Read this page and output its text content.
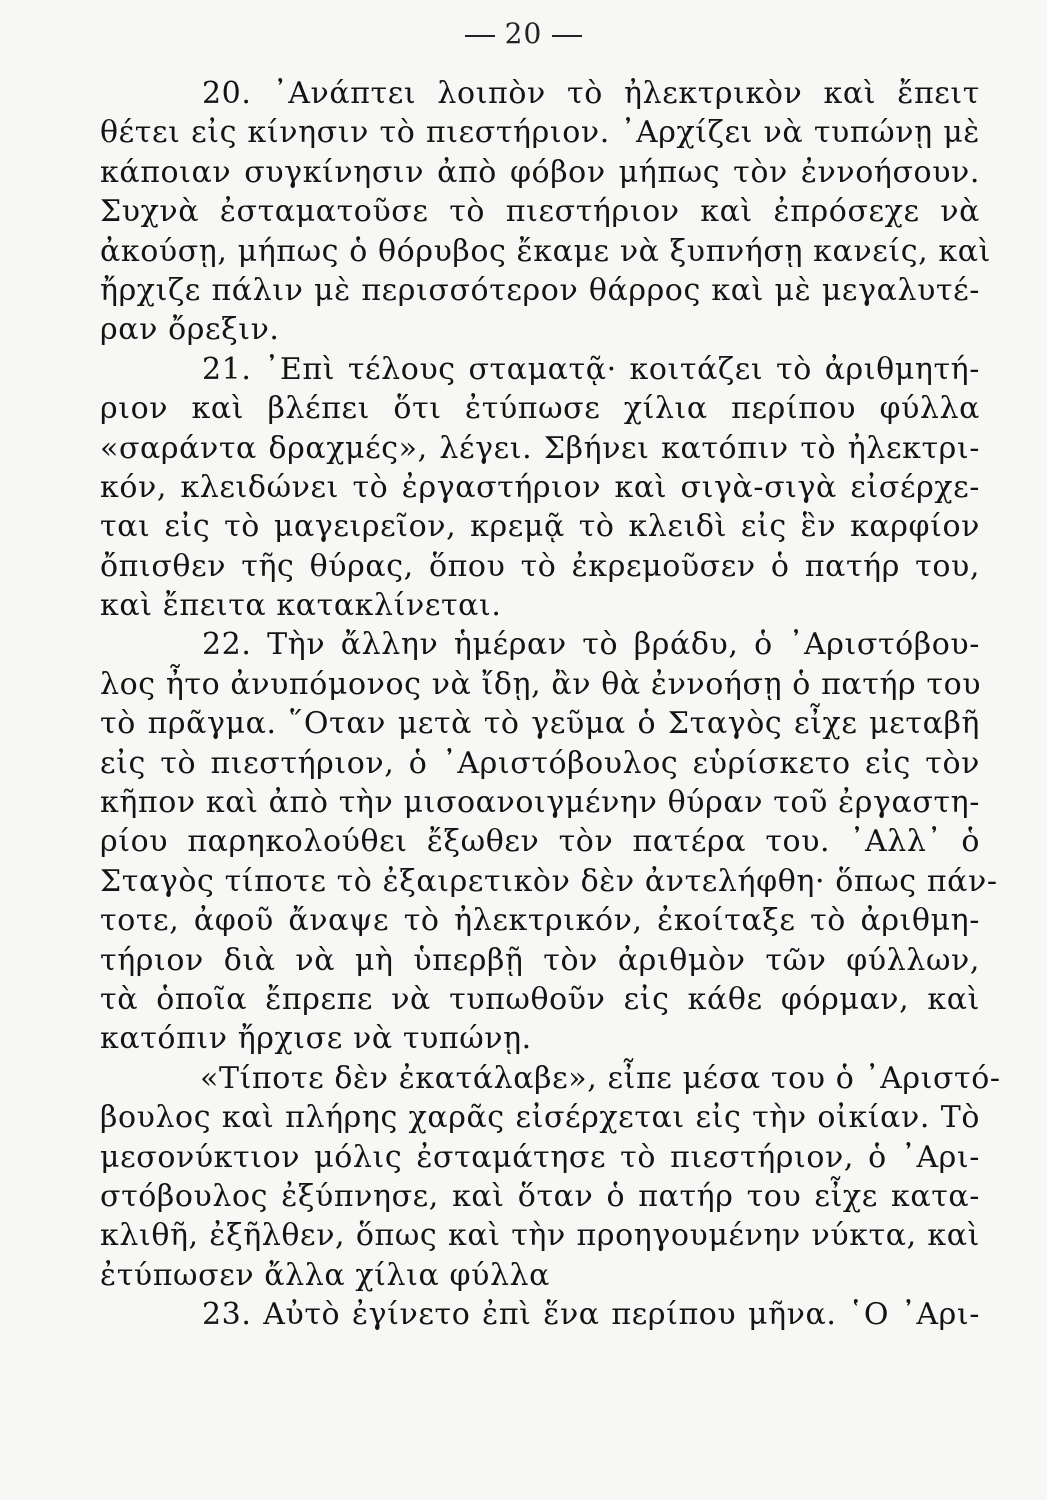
20
20. ᾽Ανάπτει λοιπὸν τὸ ἠλεκτρικὸν καὶ ἔπειτ
θέτει εἰς κίνησιν τὸ πιεστήριον. ᾽Αρχίζει νὰ τυπώνῃ μὲ
κάποιαν συγκίνησιν ἀπὸ φόβον μήπως τὸν ἐννοήσουν.
Συχνὰ ἐσταματοῦσε τὸ πιεστήριον καὶ ἐπρόσεχε νὰ
ἀκούσῃ, μήπως ὁ θόρυβος ἔκαμε νὰ ξυπνήσῃ κανείς, καὶ
ἤρχιζε πάλιν μὲ περισσότερον θάρρος καὶ μὲ μεγαλυτέ-
ραν ὄρεξιν.
21. ᾽Επὶ τέλους σταματᾷ· κοιτάζει τὸ ἀριθμητή-
ριον καὶ βλέπει ὅτι ἐτύπωσε χίλια περίπου φύλλα
«σαράντα δραχμές», λέγει. Σβήνει κατόπιν τὸ ἠλεκτρι-
κόν, κλειδώνει τὸ ἐργαστήριον καὶ σιγὰ-σιγὰ εἰσέρχε-
ται εἰς τὸ μαγειρεῖον, κρεμᾷ τὸ κλειδὶ εἰς ἓν καρφίον
ὄπισθεν τῆς θύρας, ὅπου τὸ ἐκρεμοῦσεν ὁ πατήρ του,
καὶ ἔπειτα κατακλίνεται.
22. Τὴν ἄλλην ἡμέραν τὸ βράδυ, ὁ ᾽Αριστόβου-
λος ἦτο ἀνυπόμονος νὰ ἴδῃ, ἂν θὰ ἐννοήσῃ ὁ πατήρ του
τὸ πρᾶγμα. ῞Οταν μετὰ τὸ γεῦμα ὁ Σταγὸς εἶχε μεταβῆ
εἰς τὸ πιεστήριον, ὁ ᾽Αριστόβουλος εὑρίσκετο εἰς τὸν
κῆπον καὶ ἀπὸ τὴν μισοανοιγμένην θύραν τοῦ ἐργαστη-
ρίου παρηκολούθει ἔξωθεν τὸν πατέρα του. ᾽Αλλ᾽ ὁ
Σταγὸς τίποτε τὸ ἐξαιρετικὸν δὲν ἀντελήφθη· ὅπως πάν-
τοτε, ἀφοῦ ἄναψε τὸ ἠλεκτρικόν, ἐκοίταξε τὸ ἀριθμη-
τήριον διὰ νὰ μὴ ὑπερβῇ τὸν ἀριθμὸν τῶν φύλλων,
τὰ ὁποῖα ἔπρεπε νὰ τυπωθοῦν εἰς κάθε φόρμαν, καὶ
κατόπιν ἤρχισε νὰ τυπώνῃ.
«Τίποτε δὲν ἐκατάλαβε», εἶπε μέσα του ὁ ᾽Αριστό-
βουλος καὶ πλήρης χαρᾶς εἰσέρχεται εἰς τὴν οἰκίαν. Τὸ
μεσονύκτιον μόλις ἐσταμάτησε τὸ πιεστήριον, ὁ ᾽Αρι-
στόβουλος ἐξύπνησε, καὶ ὅταν ὁ πατήρ του εἶχε κατα-
κλιθῆ, ἐξῆλθεν, ὅπως καὶ τὴν προηγουμένην νύκτα, καὶ
ἐτύπωσεν ἄλλα χίλια φύλλα
23. Αὐτὸ ἐγίνετο ἐπὶ ἕνα περίπου μῆνα. ῾Ο ᾽Αρι-
